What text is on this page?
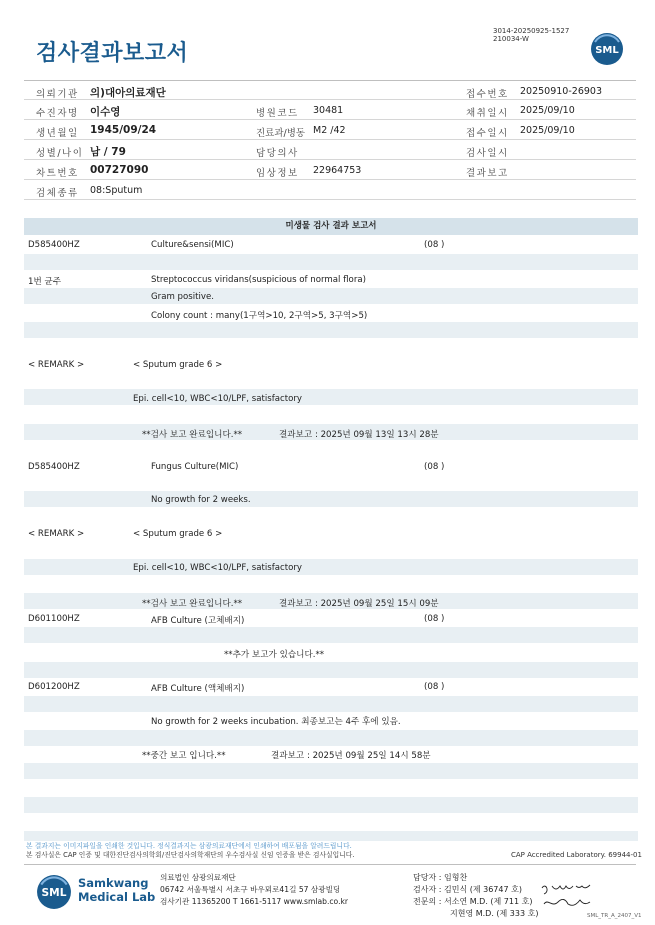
검사결과보고서
3014-20250925-1527
210034-W
SML
의뢰기관 의)대아의료재단	접수번호 20250910-26903
수진자명 이수영	병원코드 30481	채취일시 2025/09/10
생년월일 1945/09/24	진료과/병동 M2 /42	접수일시 2025/09/10
성별/나이 남 / 79	담당의사	검사일시
차트번호 00727090	임상정보 22964753	결과보고
검체종류 08:Sputum
미생물 검사 결과 보고서
D585400HZ	Culture&sensi(MIC)	(08 )
1번 균주	Streptococcus viridans(suspicious of normal flora)
Gram positive.
Colony count : many(1구역>10, 2구역>5, 3구역>5)
< REMARK >	< Sputum grade 6 >
Epi. cell<10, WBC<10/LPF, satisfactory
**검사 보고 완료입니다.**	결과보고 : 2025년 09월 13일 13시 28분
D585400HZ	Fungus Culture(MIC)	(08 )
No growth for 2 weeks.
< REMARK >	< Sputum grade 6 >
Epi. cell<10, WBC<10/LPF, satisfactory
**검사 보고 완료입니다.**	결과보고 : 2025년 09월 25일 15시 09분
D601100HZ	AFB Culture (고체배지)	(08 )
**추가 보고가 있습니다.**
D601200HZ	AFB Culture (액체배지)	(08 )
No growth for 2 weeks incubation. 최종보고는 4주 후에 있음.
**중간 보고 입니다.**	결과보고 : 2025년 09월 25일 14시 58분
본 결과지는 이미지파일을 인쇄한 것입니다. 정식결과지는 삼광의료재단에서 인쇄하여 배포됨을 알려드립니다.
본 검사실은 CAP 인증 및 대한진단검사의학회/진단검사의학재단의 우수검사실 신임 인증을 받은 검사실입니다.	CAP Accredited Laboratory. 69944-01
SML
Samkwang
Medical Lab
의료법인 삼광의료재단
06742 서울특별시 서초구 바우뫼로41길 57 삼광빌딩
검사기관 11365200 T 1661-5117 www.smlab.co.kr
담당자 : 임형찬
검사자 : 김민식 (제 36747 호)
전문의 : 서소연 M.D. (제 711 호)
지현영 M.D. (제 333 호)	SML_TR_A_2407_V1
